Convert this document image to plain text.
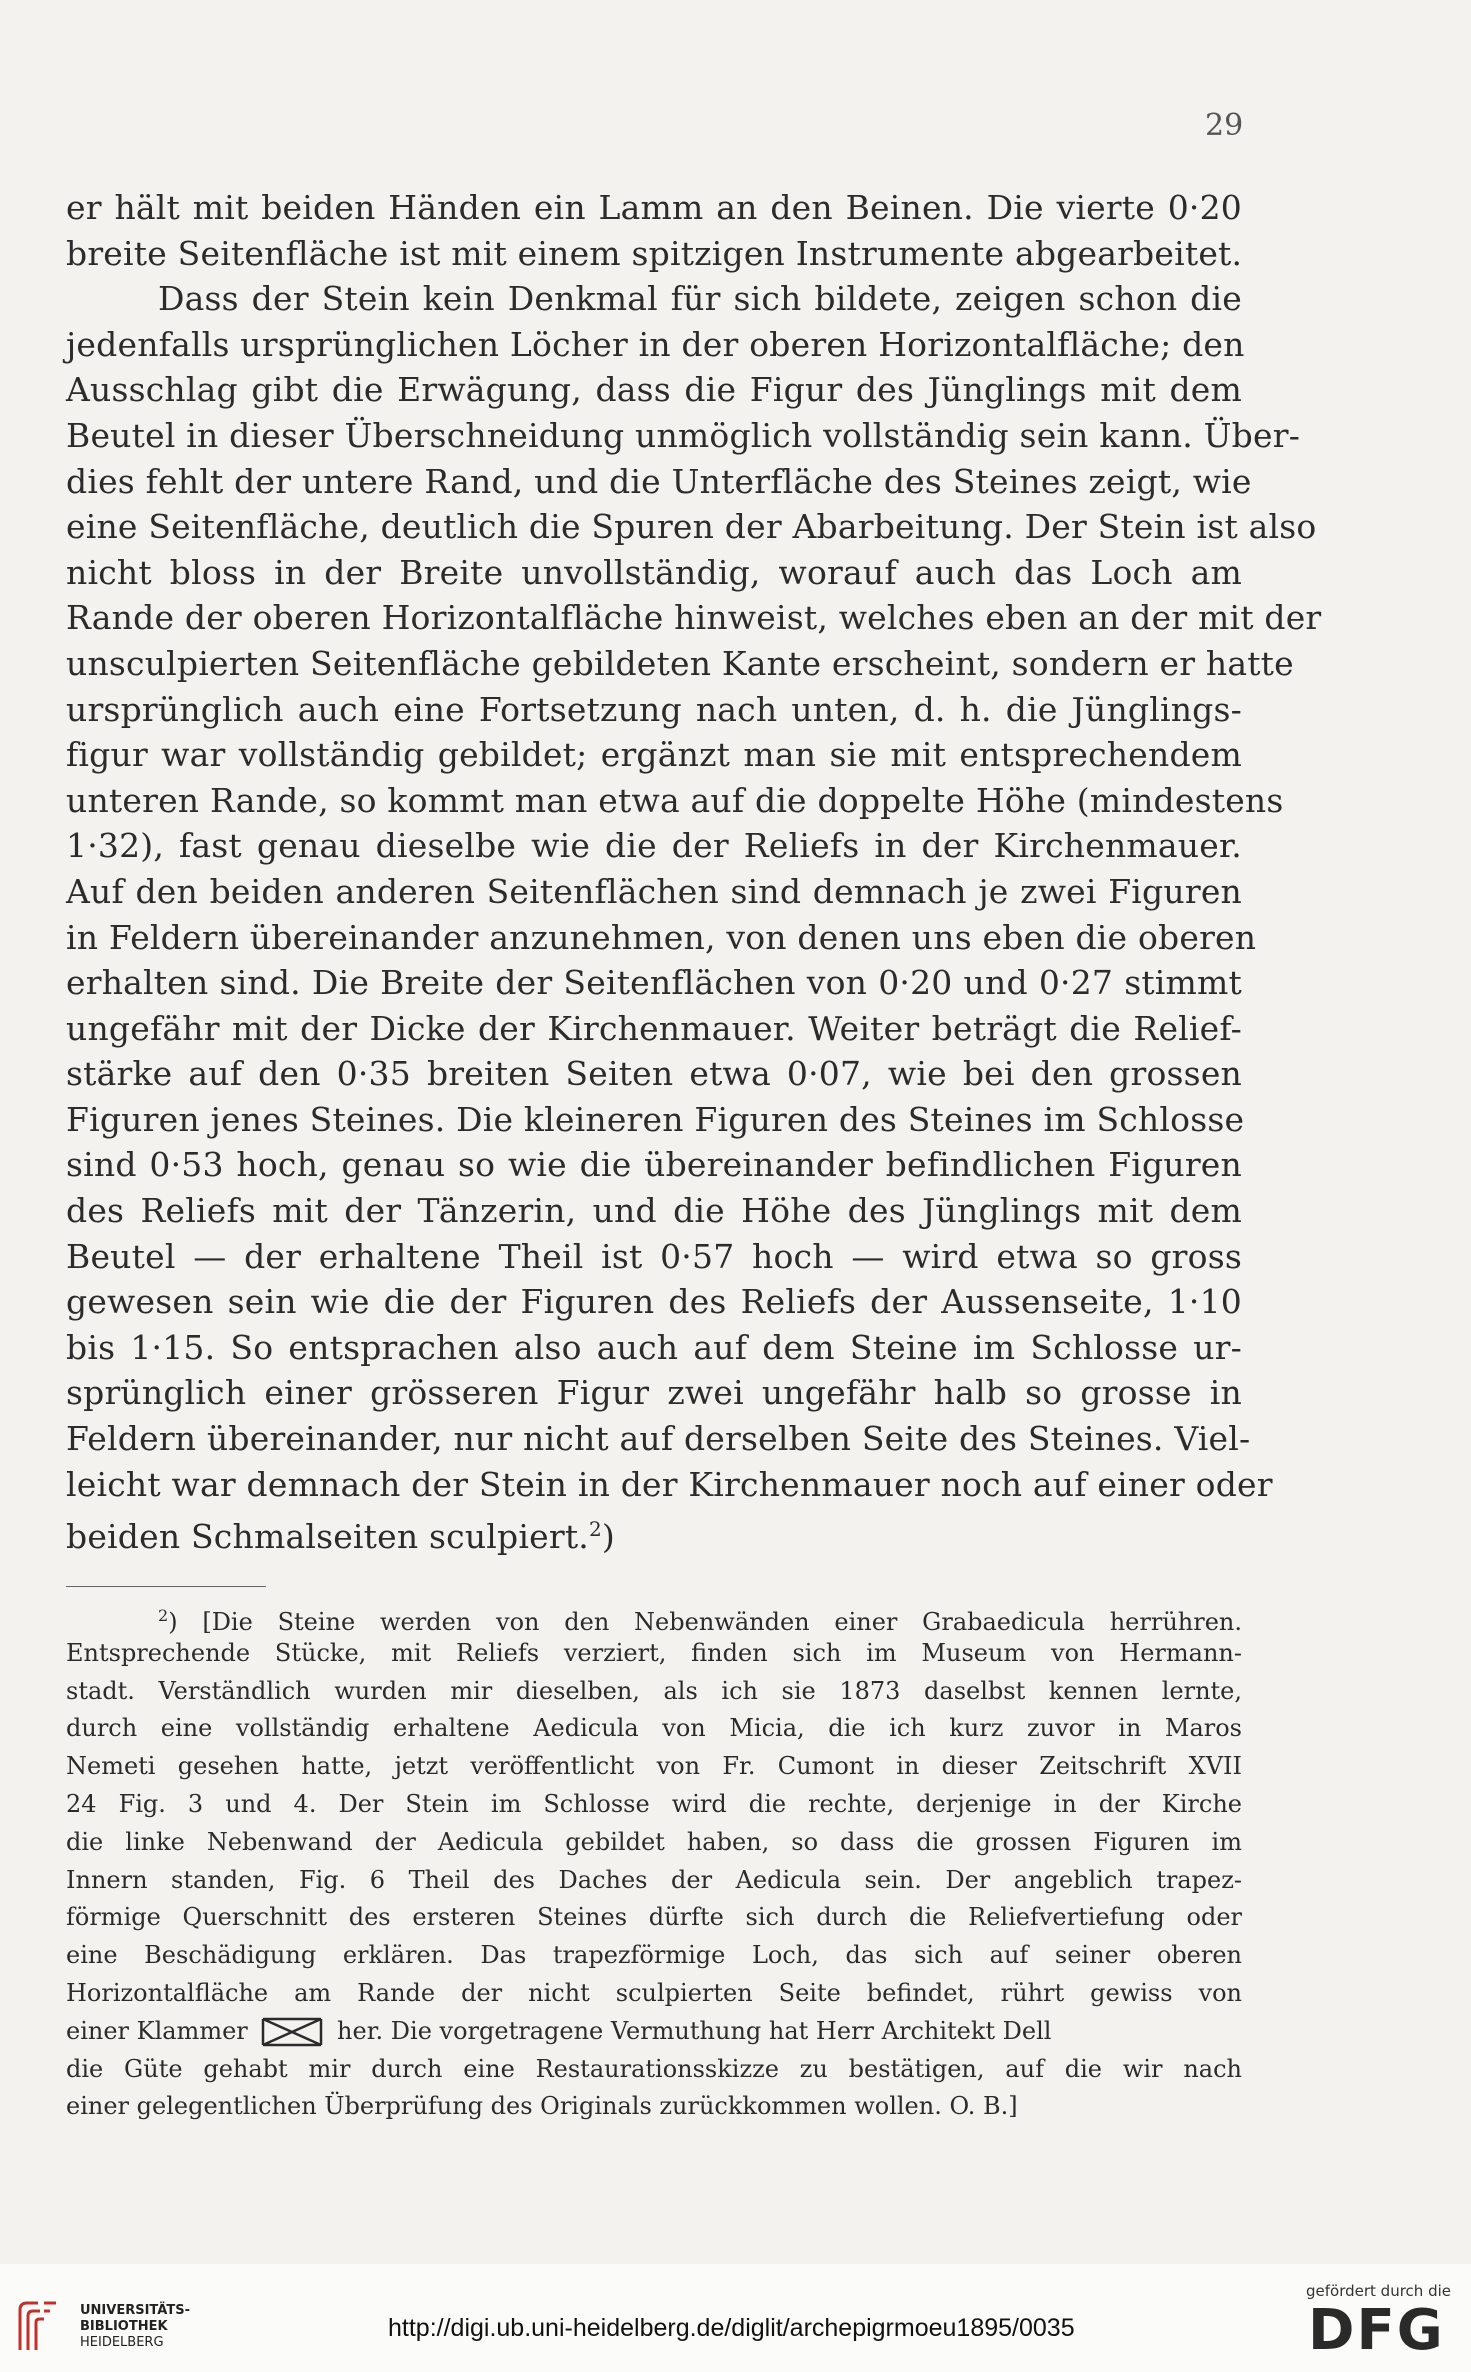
29
er hält mit beiden Händen ein Lamm an den Beinen. Die vierte 0·20
breite Seitenfläche ist mit einem spitzigen Instrumente abgearbeitet.
Dass der Stein kein Denkmal für sich bildete, zeigen schon die
jedenfalls ursprünglichen Löcher in der oberen Horizontalfläche; den
Ausschlag gibt die Erwägung, dass die Figur des Jünglings mit dem
Beutel in dieser Überschneidung unmöglich vollständig sein kann. Über-
dies fehlt der untere Rand, und die Unterfläche des Steines zeigt, wie
eine Seitenfläche, deutlich die Spuren der Abarbeitung. Der Stein ist also
nicht bloss in der Breite unvollständig, worauf auch das Loch am
Rande der oberen Horizontalfläche hinweist, welches eben an der mit der
unsculpierten Seitenfläche gebildeten Kante erscheint, sondern er hatte
ursprünglich auch eine Fortsetzung nach unten, d. h. die Jünglings-
figur war vollständig gebildet; ergänzt man sie mit entsprechendem
unteren Rande, so kommt man etwa auf die doppelte Höhe (mindestens
1·32), fast genau dieselbe wie die der Reliefs in der Kirchenmauer.
Auf den beiden anderen Seitenflächen sind demnach je zwei Figuren
in Feldern übereinander anzunehmen, von denen uns eben die oberen
erhalten sind. Die Breite der Seitenflächen von 0·20 und 0·27 stimmt
ungefähr mit der Dicke der Kirchenmauer. Weiter beträgt die Relief-
stärke auf den 0·35 breiten Seiten etwa 0·07, wie bei den grossen
Figuren jenes Steines. Die kleineren Figuren des Steines im Schlosse
sind 0·53 hoch, genau so wie die übereinander befindlichen Figuren
des Reliefs mit der Tänzerin, und die Höhe des Jünglings mit dem
Beutel — der erhaltene Theil ist 0·57 hoch — wird etwa so gross
gewesen sein wie die der Figuren des Reliefs der Aussenseite, 1·10
bis 1·15. So entsprachen also auch auf dem Steine im Schlosse ur-
sprünglich einer grösseren Figur zwei ungefähr halb so grosse in
Feldern übereinander, nur nicht auf derselben Seite des Steines. Viel-
leicht war demnach der Stein in der Kirchenmauer noch auf einer oder
beiden Schmalseiten sculpiert.$^2$)
$^2$) [Die Steine werden von den Nebenwänden einer Grabaedicula herrühren.
Entsprechende Stücke, mit Reliefs verziert, finden sich im Museum von Hermann-
stadt. Verständlich wurden mir dieselben, als ich sie 1873 daselbst kennen lernte,
durch eine vollständig erhaltene Aedicula von Micia, die ich kurz zuvor in Maros
Nemeti gesehen hatte, jetzt veröffentlicht von Fr. Cumont in dieser Zeitschrift XVII
24 Fig. 3 und 4. Der Stein im Schlosse wird die rechte, derjenige in der Kirche
die linke Nebenwand der Aedicula gebildet haben, so dass die grossen Figuren im
Innern standen, Fig. 6 Theil des Daches der Aedicula sein. Der angeblich trapez-
förmige Querschnitt des ersteren Steines dürfte sich durch die Reliefvertiefung oder
eine Beschädigung erklären. Das trapezförmige Loch, das sich auf seiner oberen
Horizontalfläche am Rande der nicht sculpierten Seite befindet, rührt gewiss von
einer Klammer	her. Die vorgetragene Vermuthung hat Herr Architekt Dell
die Güte gehabt mir durch eine Restaurationsskizze zu bestätigen, auf die wir nach
einer gelegentlichen Überprüfung des Originals zurückkommen wollen. O. B.]
UNIVERSITÄTS-
BIBLIOTHEK
HEIDELBERG
http://digi.ub.uni-heidelberg.de/diglit/archepigrmoeu1895/0035
gefördert durch die
DFG
